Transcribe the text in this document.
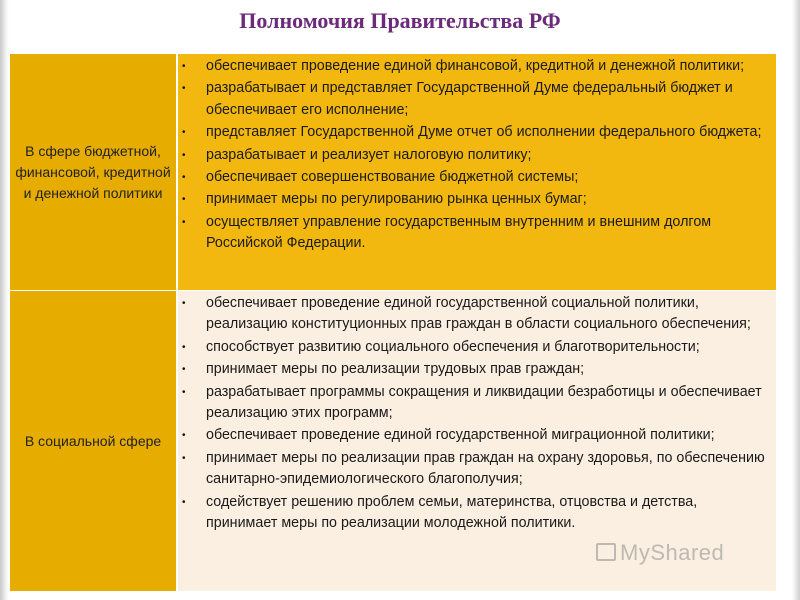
Полномочия Правительства РФ
В сфере бюджетной, финансовой, кредитной и денежной политики
•	обеспечивает проведение единой финансовой, кредитной и денежной политики;
•	разрабатывает и представляет Государственной Думе федеральный бюджет и обеспечивает его исполнение;
•	представляет Государственной Думе отчет об исполнении федерального бюджета;
•	разрабатывает и реализует налоговую политику;
•	обеспечивает совершенствование бюджетной системы;
•	принимает меры по регулированию рынка ценных бумаг;
•	осуществляет управление государственным внутренним и внешним долгом Российской Федерации.
В социальной сфере
•	обеспечивает проведение единой государственной социальной политики, реализацию конституционных прав граждан в области социального обеспечения;
•	способствует развитию социального обеспечения и благотворительности;
•	принимает меры по реализации трудовых прав граждан;
•	разрабатывает программы сокращения и ликвидации безработицы и обеспечивает реализацию этих программ;
•	обеспечивает проведение единой государственной миграционной политики;
•	принимает меры по реализации прав граждан на охрану здоровья, по обеспечению санитарно-эпидемиологического благополучия;
•	содействует решению проблем семьи, материнства, отцовства и детства, принимает меры по реализации молодежной политики.
MyShared
